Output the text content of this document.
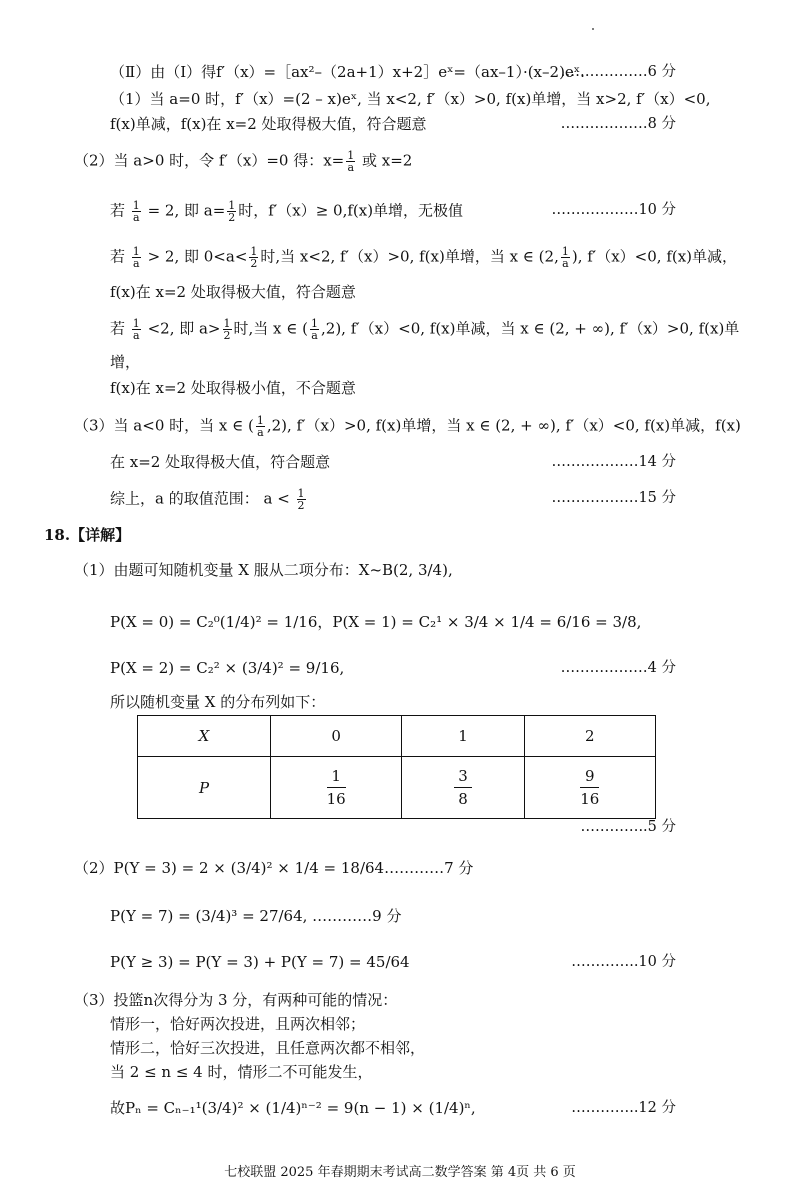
（Ⅱ）由（Ⅰ）得f′（x）=［ax²–（2a+1）x+2］eˣ=（ax–1）·(x–2)eˣ.
………………6 分
（1）当 a=0 时，f′（x）=(2 – x)eˣ, 当 x<2, f′（x）>0, f(x)单增，当 x>2, f′（x）<0,
f(x)单减，f(x)在 x=2 处取得极大值，符合题意	………………8 分
（2）当 a>0 时，令 f′（x）=0 得：$x= \frac{1}{a}$ 或 x=2
若 $\frac{1}{a} = 2$, 即 $a= \frac{1}{2}$ 时，f′（x）≥ 0,f(x)单增，无极值	………………10 分
若 $\frac{1}{a} > 2$, 即 $0<a< \frac{1}{2}$ 时,当 x<2, f′（x）>0, f(x)单增，当 x ∈ (2, $\frac{1}{a}$ ), f′（x）<0, f(x)单减，
f(x)在 x=2 处取得极大值，符合题意
若 $\frac{1}{a} <2$, 即 $a> \frac{1}{2}$ 时,当 x ∈ ( $\frac{1}{a} ,2$), f′（x）<0, f(x)单减，当 x ∈ (2, + ∞), f′（x）>0, f(x)单
增，
f(x)在 x=2 处取得极小值，不合题意
（3）当 a<0 时，当 x ∈ ( $\frac{1}{a} ,2$), f′（x）>0, f(x)单增，当 x ∈ (2, + ∞), f′（x）<0, f(x)单减，f(x)
在 x=2 处取得极大值，符合题意	………………14 分
综上，a 的取值范围： $a < \frac{1}{2}$	………………15 分
18.【详解】
（1）由题可知随机变量 X 服从二项分布：X~B(2, 3/4),
P(X = 0) = C₂⁰(1/4)² = 1/16，P(X = 1) = C₂¹ × 3/4 × 1/4 = 6/16 = 3/8,
P(X = 2) = C₂² × (3/4)² = 9/16,	………………4 分
所以随机变量 X 的分布列如下：
X	0	1	2
P	$\frac{1}{16}$	$\frac{3}{8}$	$\frac{9}{16}$
…………..5 分
（2）P(Y = 3) = 2 × (3/4)² × 1/4 = 18/64…………7 分
P(Y = 7) = (3/4)³ = 27/64, …………9 分
P(Y ≥ 3) = P(Y = 3) + P(Y = 7) = 45/64	…………..10 分
（3）投篮n次得分为 3 分，有两种可能的情况：
情形一，恰好两次投进，且两次相邻；
情形二，恰好三次投进，且任意两次都不相邻，
当 2 ≤ n ≤ 4 时，情形二不可能发生，
故Pₙ = Cₙ₋₁¹(3/4)² × (1/4)ⁿ⁻² = 9(n − 1) × (1/4)ⁿ,	…………..12 分
七校联盟 2025 年春期期末考试高二数学答案 第 4页 共 6 页
